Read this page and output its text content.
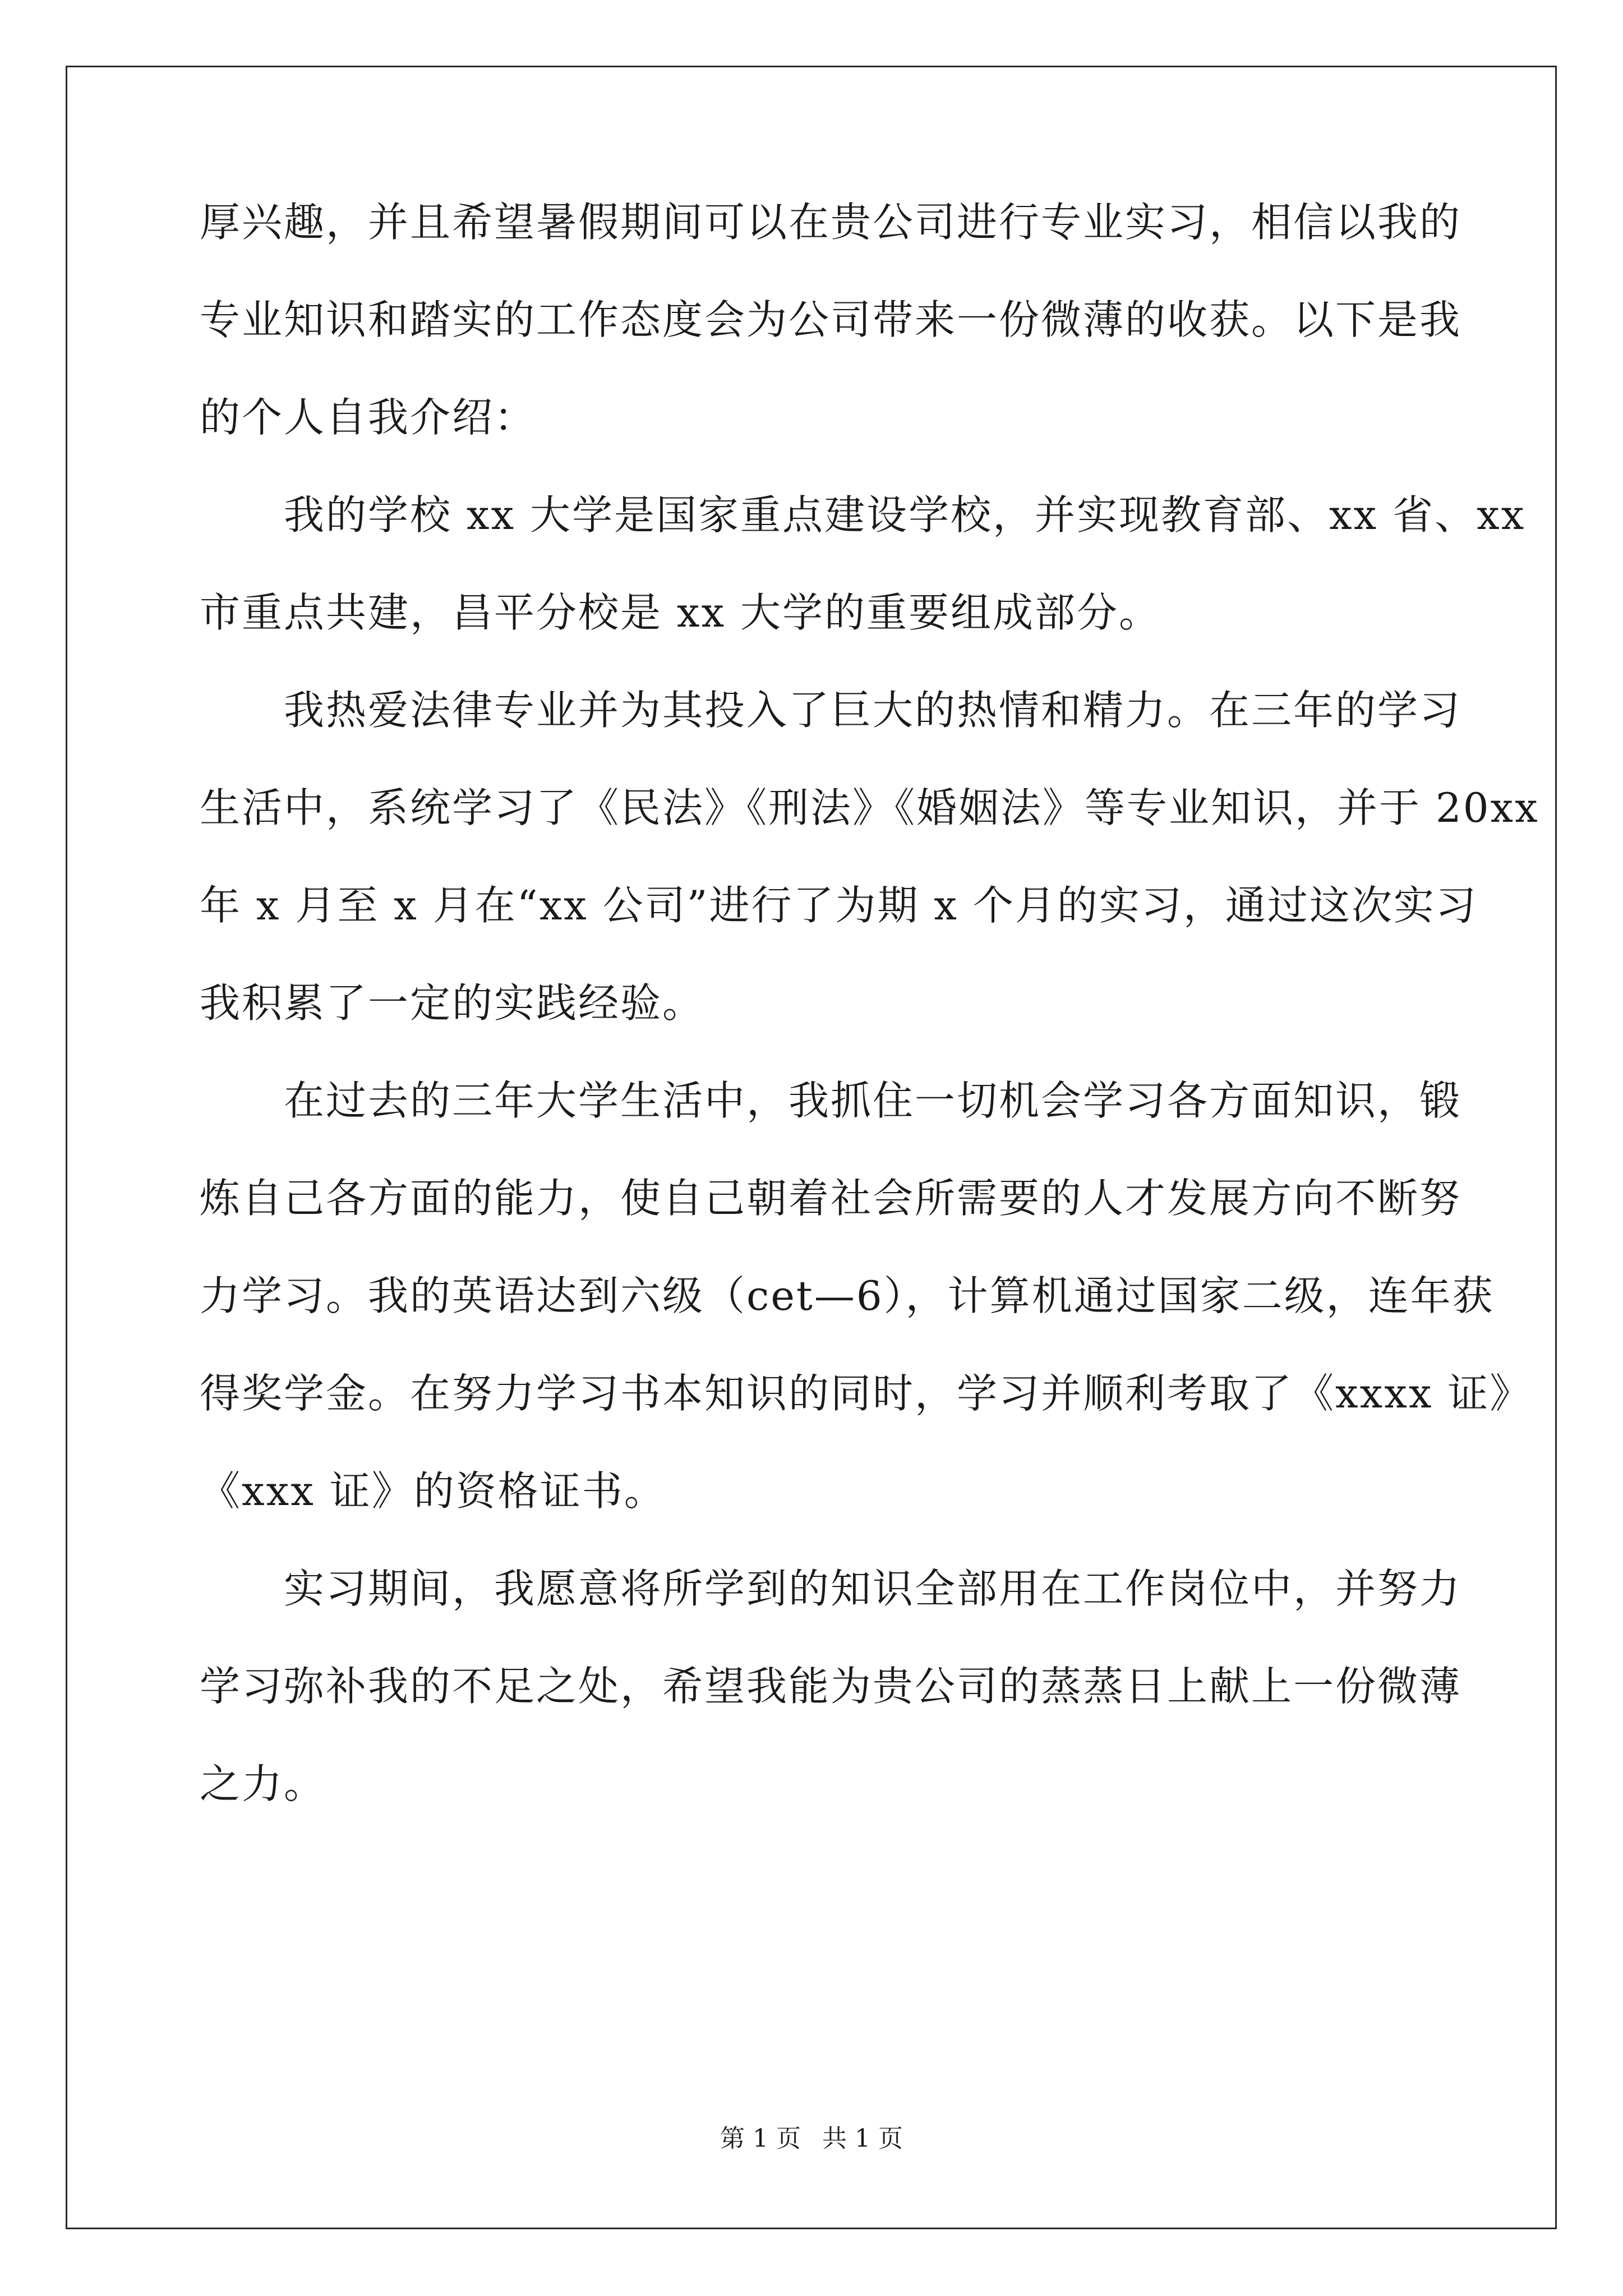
厚兴趣，并且希望暑假期间可以在贵公司进行专业实习，相信以我的
专业知识和踏实的工作态度会为公司带来一份微薄的收获。以下是我
的个人自我介绍：
　　我的学校 xx 大学是国家重点建设学校，并实现教育部、xx 省、xx
市重点共建，昌平分校是 xx 大学的重要组成部分。
　　我热爱法律专业并为其投入了巨大的热情和精力。在三年的学习
生活中，系统学习了《民法》《刑法》《婚姻法》等专业知识，并于 20xx
年 x 月至 x 月在“xx 公司”进行了为期 x 个月的实习，通过这次实习
我积累了一定的实践经验。
　　在过去的三年大学生活中，我抓住一切机会学习各方面知识，锻
炼自己各方面的能力，使自己朝着社会所需要的人才发展方向不断努
力学习。我的英语达到六级（cet—6），计算机通过国家二级，连年获
得奖学金。在努力学习书本知识的同时，学习并顺利考取了《xxxx 证》
《xxx 证》的资格证书。
　　实习期间，我愿意将所学到的知识全部用在工作岗位中，并努力
学习弥补我的不足之处，希望我能为贵公司的蒸蒸日上献上一份微薄
之力。
第 1 页 共 1 页
